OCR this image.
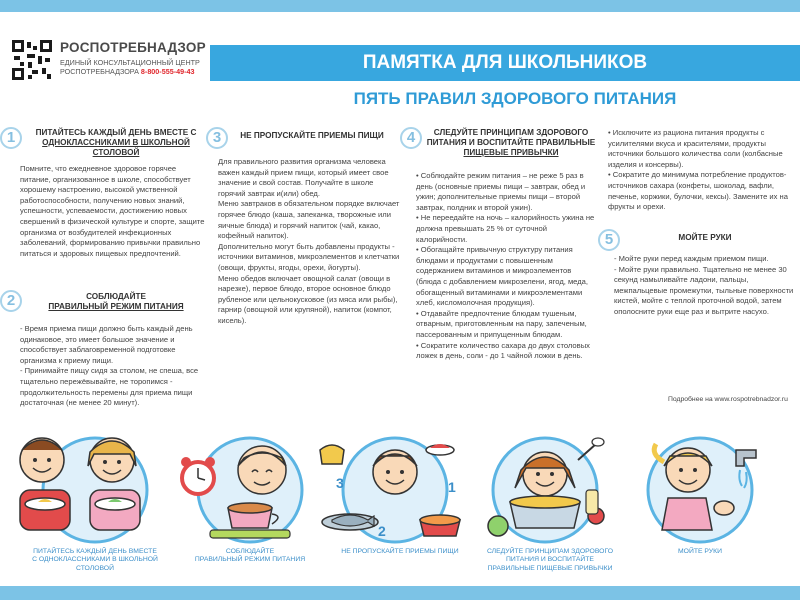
РОСПОТРЕБНАДЗОР
ЕДИНЫЙ КОНСУЛЬТАЦИОННЫЙ ЦЕНТР
РОСПОТРЕБНАДЗОРА 8-800-555-49-43	ПАМЯТКА ДЛЯ ШКОЛЬНИКОВ
ПЯТЬ ПРАВИЛ ЗДОРОВОГО ПИТАНИЯ
1	ПИТАЙТЕСЬ КАЖДЫЙ ДЕНЬ ВМЕСТЕ С
ОДНОКЛАССНИКАМИ В ШКОЛЬНОЙ СТОЛОВОЙ
Помните, что ежедневное здоровое горячее питание, организованное в школе, способствует хорошему настроению, высокой умственной работоспособности, получению новых знаний, успешности, успеваемости, достижению новых свершений в физической культуре и спорте, защите организма от возбудителей инфекционных заболеваний, формированию привычки правильно питаться и здоровых пищевых предпочтений.
2	СОБЛЮДАЙТЕ
ПРАВИЛЬНЫЙ РЕЖИМ ПИТАНИЯ
- Время приема пищи должно быть каждый день одинаковое, это имеет большое значение и способствует заблаговременной подготовке организма к приему пищи.
- Принимайте пищу сидя за столом, не спеша, все тщательно пережёвывайте, не торопимся - продолжительность перемены для приема пищи достаточная (не менее 20 минут).
3	НЕ ПРОПУСКАЙТЕ ПРИЕМЫ ПИЩИ
Для правильного развития организма человека важен каждый прием пищи, который имеет свое значение и свой состав. Получайте в школе горячий завтрак и(или) обед.
Меню завтраков в обязательном порядке включает горячее блюдо (каша, запеканка, творожные или яичные блюда) и горячий напиток (чай, какао, кофейный напиток).
Дополнительно могут быть добавлены продукты - источники витаминов, микроэлементов и клетчатки (овощи, фрукты, ягоды, орехи, йогурты).
Меню обедов включает овощной салат (овощи в нарезке), первое блюдо, второе основное блюдо рубленое или цельнокусковое (из мяса или рыбы), гарнир (овощной или крупяной), напиток (компот, кисель).
4	СЛЕДУЙТЕ ПРИНЦИПАМ ЗДОРОВОГО
ПИТАНИЯ И ВОСПИТАЙТЕ ПРАВИЛЬНЫЕ
ПИЩЕВЫЕ ПРИВЫЧКИ
• Соблюдайте режим питания – не реже 5 раз в день (основные приемы пищи – завтрак, обед и ужин; дополнительные приемы пищи – второй завтрак, полдник и второй ужин).
• Не переедайте на ночь – калорийность ужина не должна превышать 25 % от суточной калорийности.
• Обогащайте привычную структуру питания блюдами и продуктами с повышенным содержанием витаминов и микроэлементов (блюда с добавлением микрозелени, ягод, меда, обогащенный витаминами и микроэлементами хлеб, кисломолочная продукция).
• Отдавайте предпочтение блюдам тушеным, отварным, приготовленным на пару, запеченым, пассерованным и припущенным блюдам.
• Сократите количество сахара до двух столовых ложек в день, соли - до 1 чайной ложки в день.
• Исключите из рациона питания продукты с усилителями вкуса и красителями, продукты источники большого количества соли (колбасные изделия и консервы).
• Сократите до минимума потребление продуктов-источников сахара (конфеты, шоколад, вафли, печенье, коржики, булочки, кексы). Замените их на фрукты и орехи.
5	МОЙТЕ РУКИ
- Мойте руки перед каждым приемом пищи.
- Мойте руки правильно. Тщательно не менее 30 секунд намыливайте ладони, пальцы, межпальцевые промежутки, тыльные поверхности кистей, мойте с теплой проточной водой, затем ополосните руки еще раз и вытрите насухо.
Подробнее на www.rospotrebnadzor.ru
3	1
2
ПИТАЙТЕСЬ КАЖДЫЙ ДЕНЬ ВМЕСТЕ
С ОДНОКЛАССНИКАМИ В ШКОЛЬНОЙ
СТОЛОВОЙ
СОБЛЮДАЙТЕ
ПРАВИЛЬНЫЙ РЕЖИМ ПИТАНИЯ
НЕ ПРОПУСКАЙТЕ ПРИЕМЫ ПИЩИ	СЛЕДУЙТЕ ПРИНЦИПАМ ЗДОРОВОГО
ПИТАНИЯ И ВОСПИТАЙТЕ
ПРАВИЛЬНЫЕ ПИЩЕВЫЕ ПРИВЫЧКИ
МОЙТЕ РУКИ
